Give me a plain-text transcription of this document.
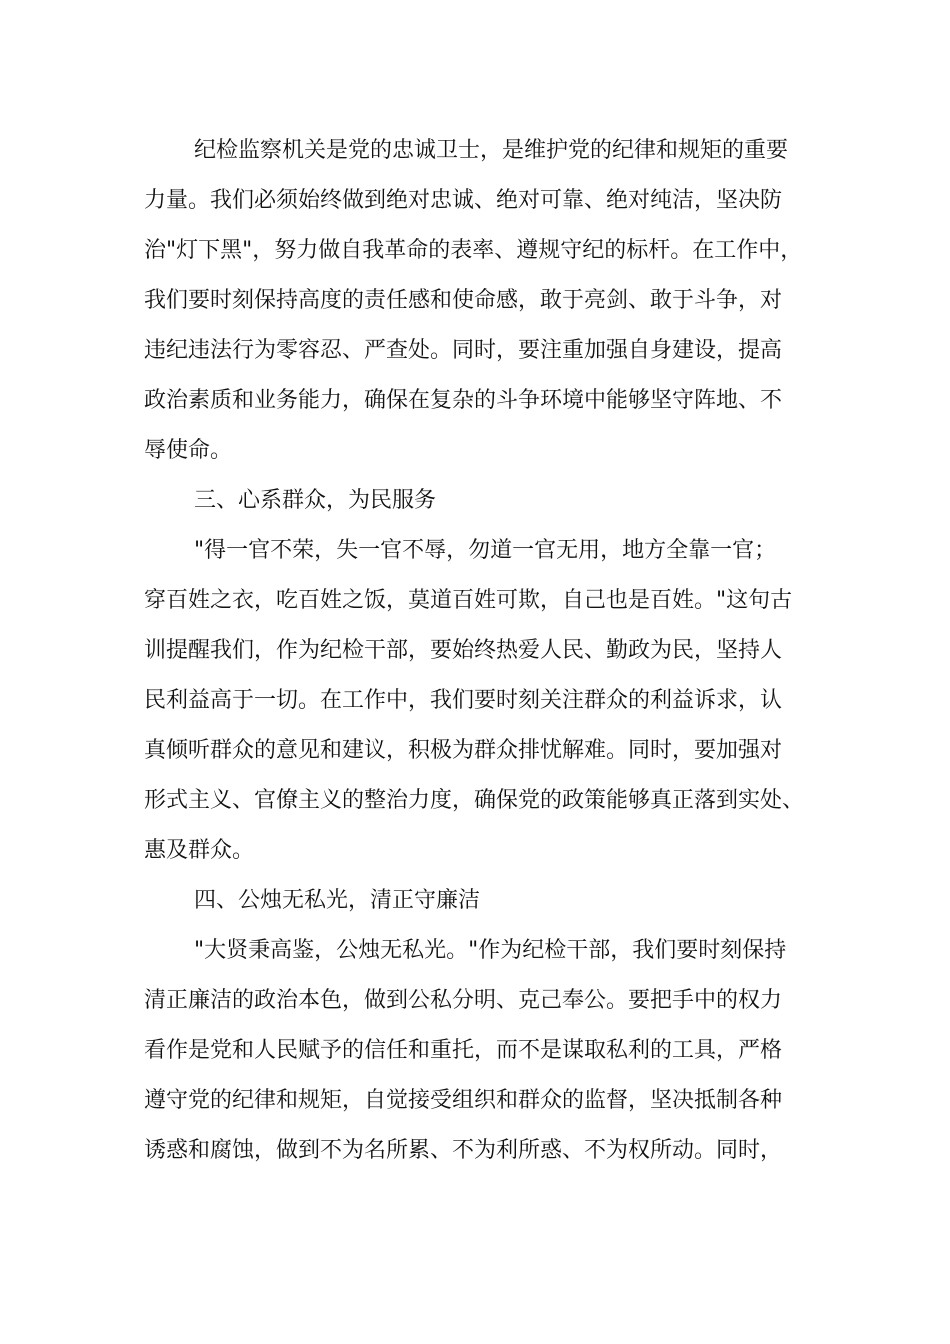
纪检监察机关是党的忠诚卫士，是维护党的纪律和规矩的重要
力量。我们必须始终做到绝对忠诚、绝对可靠、绝对纯洁，坚决防
治"灯下黑"，努力做自我革命的表率、遵规守纪的标杆。在工作中，
我们要时刻保持高度的责任感和使命感，敢于亮剑、敢于斗争，对
违纪违法行为零容忍、严查处。同时，要注重加强自身建设，提高
政治素质和业务能力，确保在复杂的斗争环境中能够坚守阵地、不
辱使命。
三、心系群众，为民服务
"得一官不荣，失一官不辱，勿道一官无用，地方全靠一官；
穿百姓之衣，吃百姓之饭，莫道百姓可欺，自己也是百姓。"这句古
训提醒我们，作为纪检干部，要始终热爱人民、勤政为民，坚持人
民利益高于一切。在工作中，我们要时刻关注群众的利益诉求，认
真倾听群众的意见和建议，积极为群众排忧解难。同时，要加强对
形式主义、官僚主义的整治力度，确保党的政策能够真正落到实处、
惠及群众。
四、公烛无私光，清正守廉洁
"大贤秉高鉴，公烛无私光。"作为纪检干部，我们要时刻保持
清正廉洁的政治本色，做到公私分明、克己奉公。要把手中的权力
看作是党和人民赋予的信任和重托，而不是谋取私利的工具，严格
遵守党的纪律和规矩，自觉接受组织和群众的监督，坚决抵制各种
诱惑和腐蚀，做到不为名所累、不为利所惑、不为权所动。同时，
